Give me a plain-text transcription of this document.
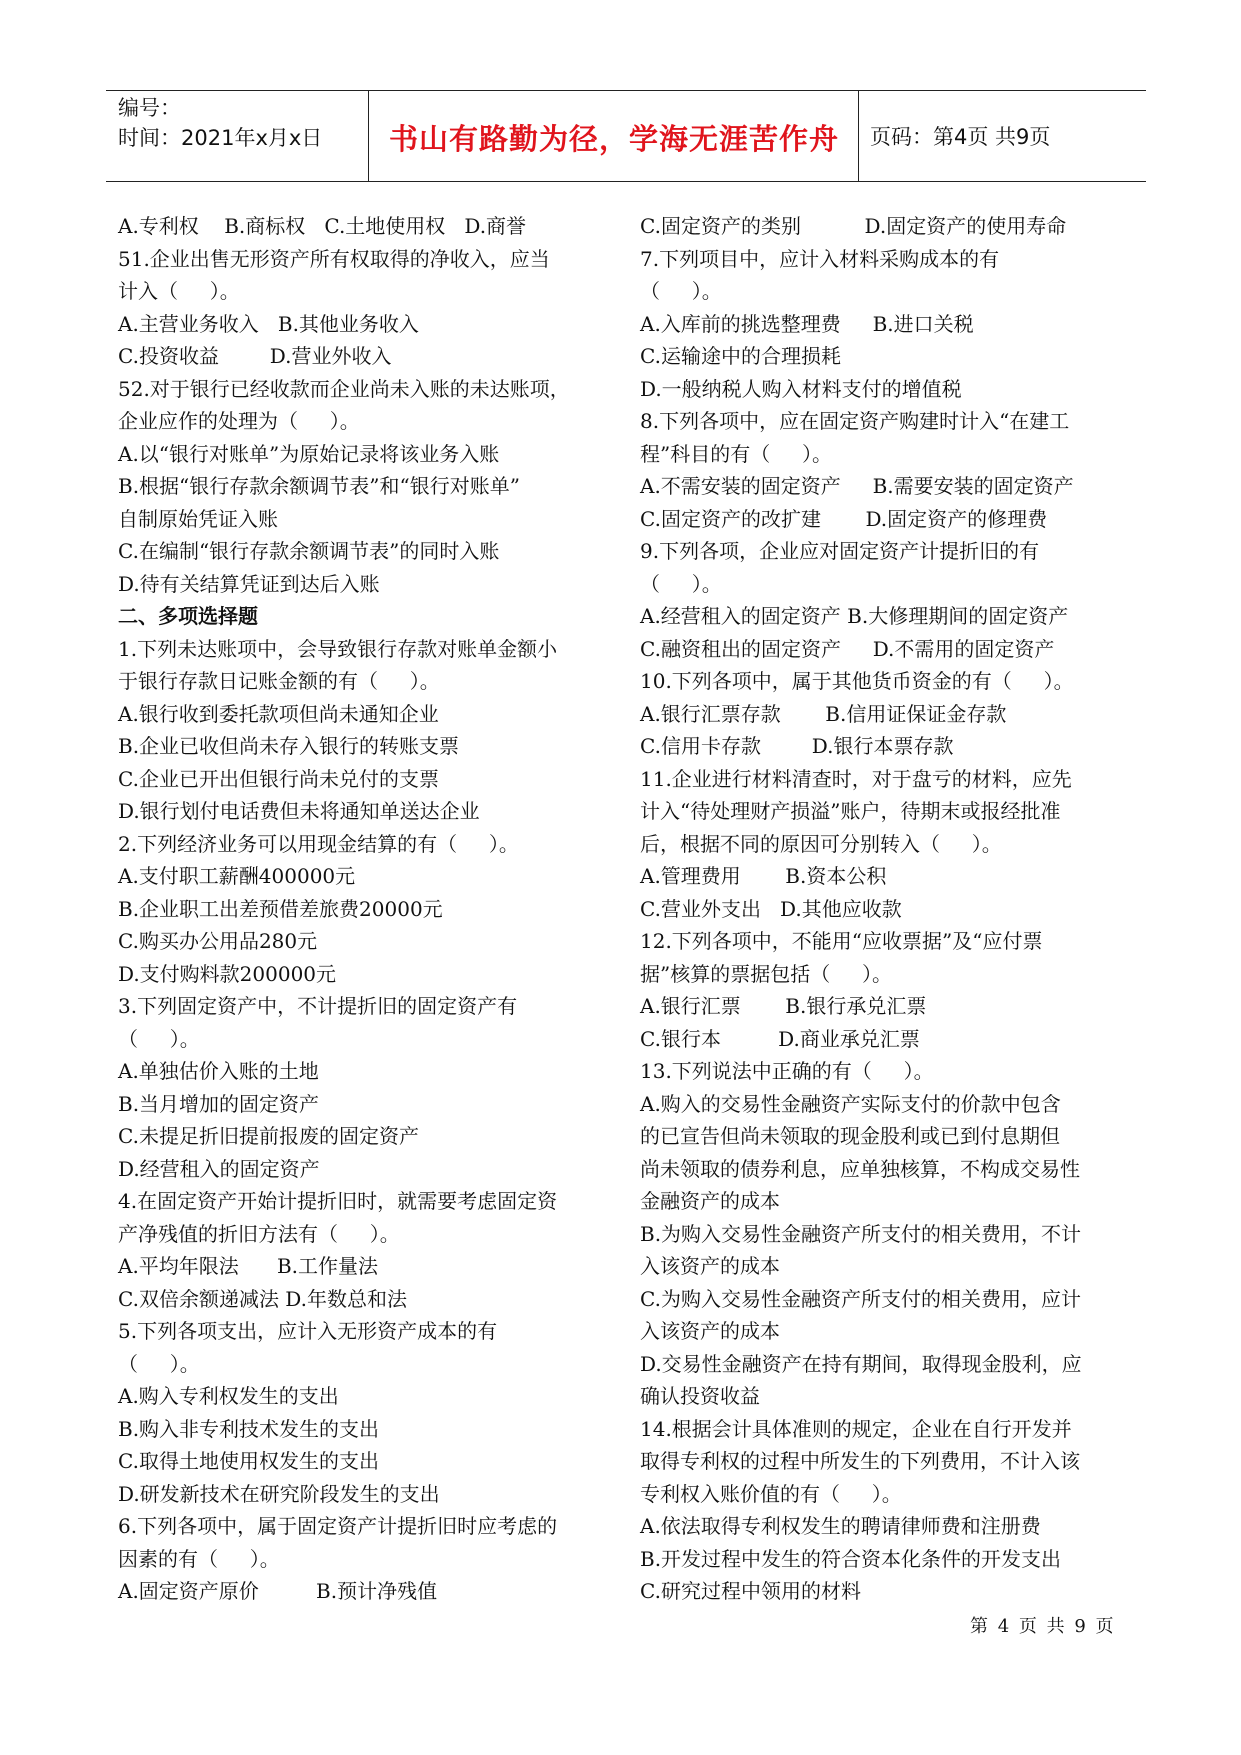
编号：
时间：2021年x月x日	书山有路勤为径，学海无涯苦作舟	页码：第4页 共9页
A.专利权    B.商标权   C.土地使用权   D.商誉
51.企业出售无形资产所有权取得的净收入，应当
计入（     ）。
A.主营业务收入   B.其他业务收入
C.投资收益        D.营业外收入
52.对于银行已经收款而企业尚未入账的未达账项，
企业应作的处理为（     ）。
A.以“银行对账单”为原始记录将该业务入账
B.根据“银行存款余额调节表”和“银行对账单”
自制原始凭证入账
C.在编制“银行存款余额调节表”的同时入账
D.待有关结算凭证到达后入账
二、多项选择题
1.下列未达账项中，会导致银行存款对账单金额小
于银行存款日记账金额的有（     ）。
A.银行收到委托款项但尚未通知企业
B.企业已收但尚未存入银行的转账支票
C.企业已开出但银行尚未兑付的支票
D.银行划付电话费但未将通知单送达企业
2.下列经济业务可以用现金结算的有（     ）。
A.支付职工薪酬400000元
B.企业职工出差预借差旅费20000元
C.购买办公用品280元
D.支付购料款200000元
3.下列固定资产中，不计提折旧的固定资产有
（     ）。
A.单独估价入账的土地
B.当月增加的固定资产
C.未提足折旧提前报废的固定资产
D.经营租入的固定资产
4.在固定资产开始计提折旧时，就需要考虑固定资
产净残值的折旧方法有（     ）。
A.平均年限法      B.工作量法
C.双倍余额递减法 D.年数总和法
5.下列各项支出，应计入无形资产成本的有
（     ）。
A.购入专利权发生的支出
B.购入非专利技术发生的支出
C.取得土地使用权发生的支出
D.研发新技术在研究阶段发生的支出
6.下列各项中，属于固定资产计提折旧时应考虑的
因素的有（     ）。
A.固定资产原价         B.预计净残值
C.固定资产的类别          D.固定资产的使用寿命
7.下列项目中，应计入材料采购成本的有
（     ）。
A.入库前的挑选整理费     B.进口关税
C.运输途中的合理损耗
D.一般纳税人购入材料支付的增值税
8.下列各项中，应在固定资产购建时计入“在建工
程”科目的有（     ）。
A.不需安装的固定资产     B.需要安装的固定资产
C.固定资产的改扩建       D.固定资产的修理费
9.下列各项，企业应对固定资产计提折旧的有
（     ）。
A.经营租入的固定资产 B.大修理期间的固定资产
C.融资租出的固定资产     D.不需用的固定资产
10.下列各项中，属于其他货币资金的有（     ）。
A.银行汇票存款       B.信用证保证金存款
C.信用卡存款        D.银行本票存款
11.企业进行材料清查时，对于盘亏的材料，应先
计入“待处理财产损溢”账户，待期末或报经批准
后，根据不同的原因可分别转入（     ）。
A.管理费用       B.资本公积
C.营业外支出   D.其他应收款
12.下列各项中，不能用“应收票据”及“应付票
据”核算的票据包括（     ）。
A.银行汇票       B.银行承兑汇票
C.银行本         D.商业承兑汇票
13.下列说法中正确的有（     ）。
A.购入的交易性金融资产实际支付的价款中包含
的已宣告但尚未领取的现金股利或已到付息期但
尚未领取的债券利息，应单独核算，不构成交易性
金融资产的成本
B.为购入交易性金融资产所支付的相关费用，不计
入该资产的成本
C.为购入交易性金融资产所支付的相关费用，应计
入该资产的成本
D.交易性金融资产在持有期间，取得现金股利，应
确认投资收益
14.根据会计具体准则的规定，企业在自行开发并
取得专利权的过程中所发生的下列费用，不计入该
专利权入账价值的有（     ）。
A.依法取得专利权发生的聘请律师费和注册费
B.开发过程中发生的符合资本化条件的开发支出
C.研究过程中领用的材料
第 4 页 共 9 页
